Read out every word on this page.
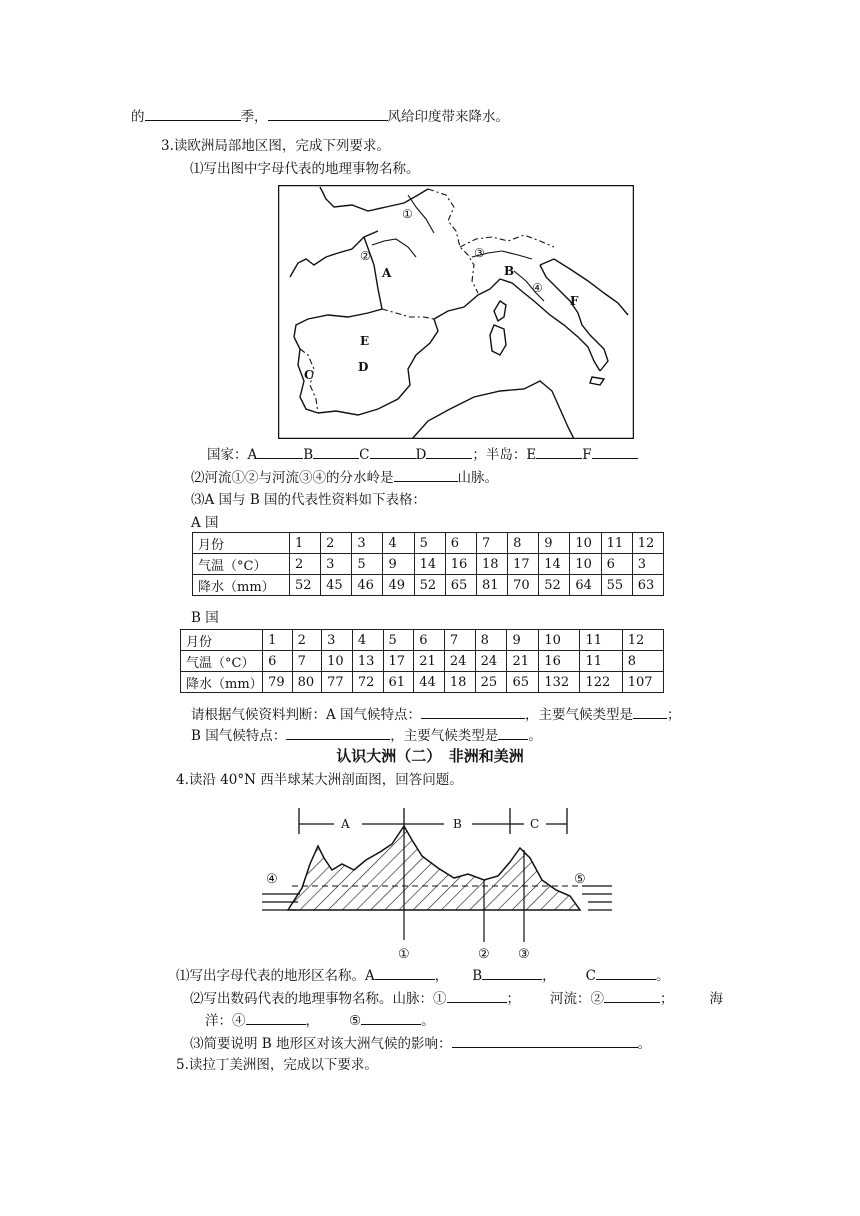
的	季，	风给印度带来降水。
3.读欧洲局部地区图，完成下列要求。
⑴写出图中字母代表的地理事物名称。
①
②	③
④
A	B
C
D
E
F
国家：A	B	C	D	；半岛：E	F
⑵河流①②与河流③④的分水岭是	山脉。
⑶A 国与 B 国的代表性资料如下表格：
A 国
月份	1	2	3	4	5	6	7	8	9	10	11	12
气温（°C）	2	3	5	9	14	16	18	17	14	10	6	3
降水（mm）	52	45	46	49	52	65	81	70	52	64	55	63
B 国
月份	1	2	3	4	5	6	7	8	9	10	11	12
气温（°C）	6	7	10	13	17	21	24	24	21	16	11	8
降水（mm）	79	80	77	72	61	44	18	25	65	132	122	107
请根据气候资料判断：A 国气候特点：	，主要气候类型是	；
B 国气候特点：	，主要气候类型是 。
认识大洲（二）　非洲和美洲
4.读沿 40°N 西半球某大洲剖面图，回答问题。
A	B	C
①	② ③
④	⑤
⑴写出字母代表的地形区名称。A	， B	， C	。
⑵写出数码代表的地理事物名称。山脉：①	； 河流：②	；	海
洋：④	， ⑤	。
⑶简要说明 B 地形区对该大洲气候的影响：	。
5.读拉丁美洲图，完成以下要求。
